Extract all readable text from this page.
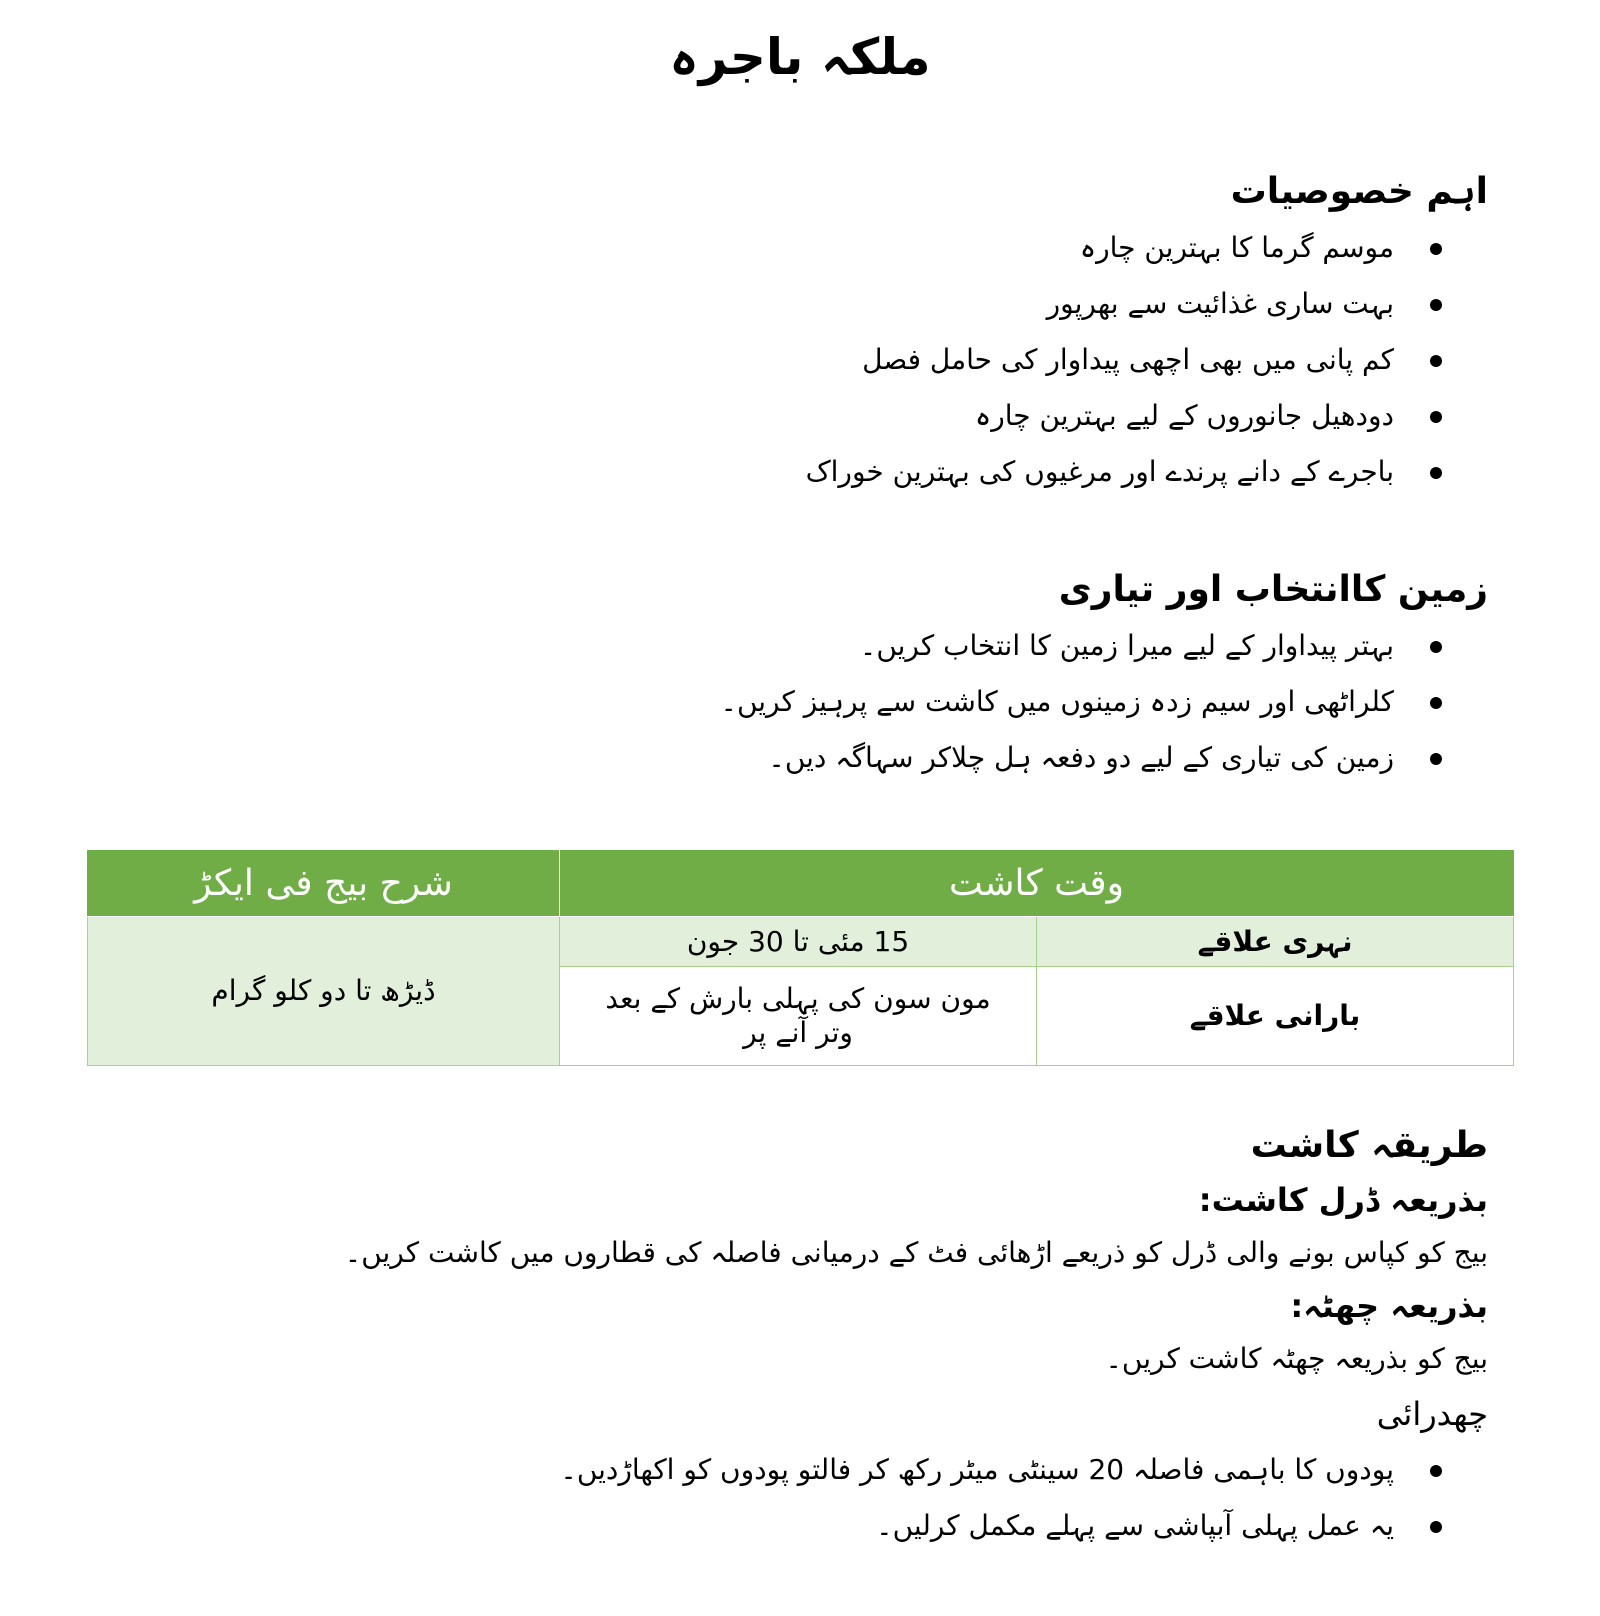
ملکہ باجرہ
اہم خصوصیات
موسم گرما کا بہترین چارہ
بہت ساری غذائیت سے بھرپور
کم پانی میں بھی اچھی پیداوار کی حامل فصل
دودھیل جانوروں کے لیے بہترین چارہ
باجرے کے دانے پرندے اور مرغیوں کی بہترین خوراک
زمین کاانتخاب اور تیاری
بہتر پیداوار کے لیے میرا زمین کا انتخاب کریں۔
کلراٹھی اور سیم زدہ زمینوں میں کاشت سے پرہیز کریں۔
زمین کی تیاری کے لیے دو دفعہ ہل چلاکر سہاگہ دیں۔
وقت کاشت		شرح بیج فی ایکڑ
نہری علاقے	15 مئی تا 30 جون	ڈیڑھ تا دو کلو گرام
بارانی علاقے	مون سون کی پہلی بارش کے بعد وتر آنے پر	
طریقہ کاشت
بذریعہ ڈرل کاشت:

بیج کو کپاس بونے والی ڈرل کو ذریعے اڑھائی فٹ کے درمیانی فاصلہ کی قطاروں میں کاشت کریں۔

بذریعہ چھٹہ:

بیج کو بذریعہ چھٹہ کاشت کریں۔

چھدرائی
پودوں کا باہمی فاصلہ 20 سینٹی میٹر رکھ کر فالتو پودوں کو اکھاڑدیں۔
یہ عمل پہلی آبپاشی سے پہلے مکمل کرلیں۔
